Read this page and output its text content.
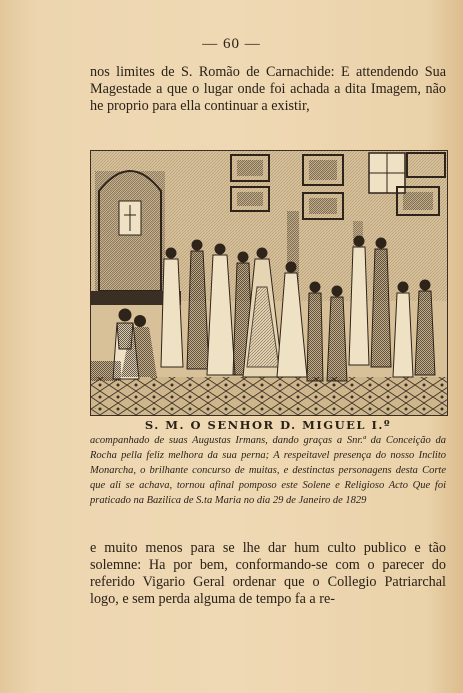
— 60 —

nos limites de S. Romão de Carnachide: E attendendo Sua Magestade a que o lugar onde foi achada a dita Imagem, não he proprio para ella continuar a existir,

· · ·
S. M. O SENHOR D. MIGUEL I.º

acompanhado de suas Augustas Irmans, dando graças a Snr.ª da Conceição da Rocha pella feliz melhora da sua perna; A respeitavel presença do nosso Inclito Monarcha, o brilhante concurso de muitas, e destinctas personagens desta Corte que ali se achava, tornou afinal pomposo este Solene e Religioso Acto Que foi praticado na Bazilica de S.ta Maria no dia 29 de Janeiro de 1829

e muito menos para se lhe dar hum culto publico e tão solemne: Ha por bem, conformando-se com o parecer do referido Vigario Geral ordenar que o Collegio Patriarchal logo, e sem perda alguma de tempo fa a re-
